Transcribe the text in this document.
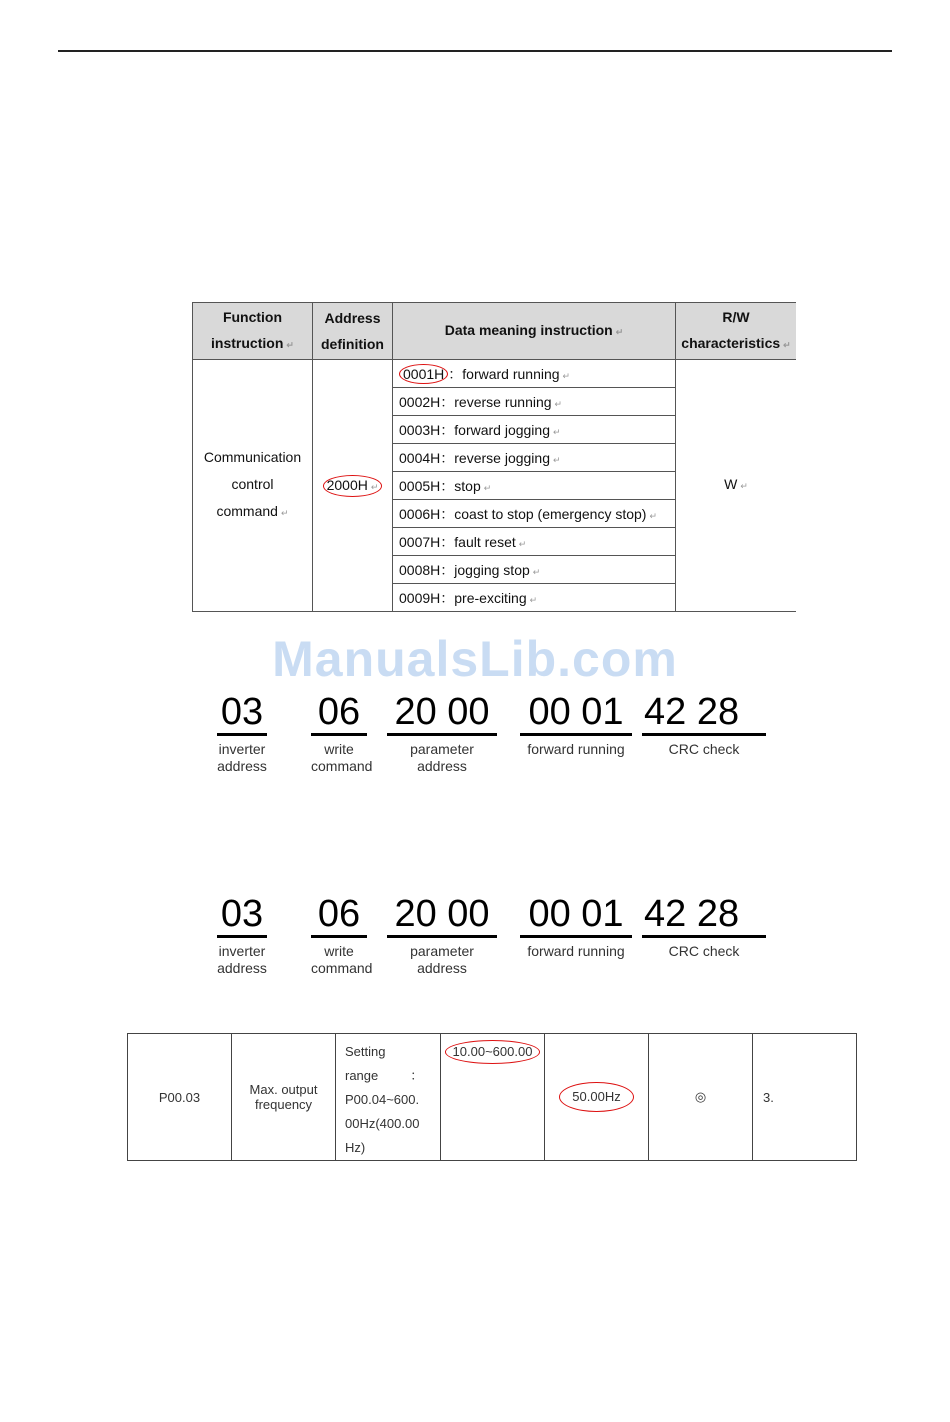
Function
instruction ↵	Address
definition	Data meaning instruction ↵	R/W
characteristics ↵
Communication
control
command ↵	2000H ↵	0001H ：forward running ↵	W ↵
		0002H：reverse running ↵	
		0003H：forward jogging ↵	
		0004H：reverse jogging ↵	
		0005H：stop ↵	
		0006H：coast to stop (emergency stop) ↵	
		0007H：fault reset ↵	
		0008H：jogging stop ↵	
		0009H：pre-exciting ↵	
ManualsLib.com
03
inverter
address
06
write
command
20 00
parameter
address
00 01
forward running
42 28
CRC check
03
inverter
address
06
write
command
20 00
parameter
address
00 01
forward running
42 28
CRC check
P00.03	Max. output
frequency	Setting
range ：
P00.04~600.
00Hz(400.00
Hz)	10.00~600.00	50.00Hz	◎	3.
